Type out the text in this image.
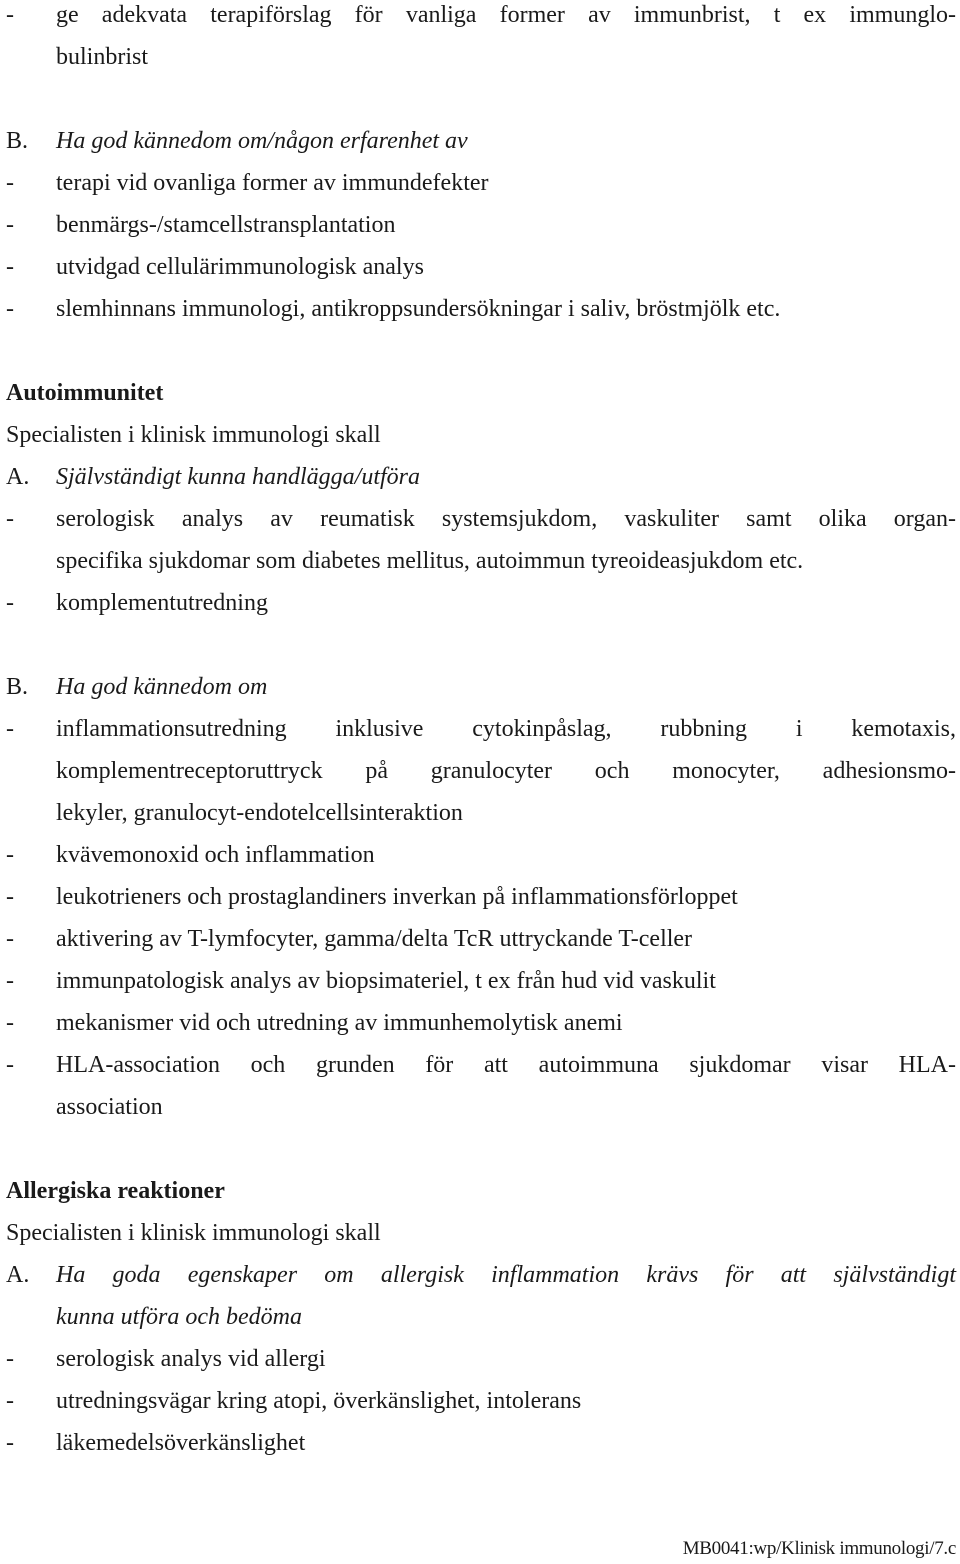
-	ge adekvata terapiförslag för vanliga former av immunbrist, t ex immunglo-
bulinbrist
B.	Ha god kännedom om/någon erfarenhet av
-	terapi vid ovanliga former av immundefekter
-	benmärgs-/stamcellstransplantation
-	utvidgad cellulärimmunologisk analys
-	slemhinnans immunologi, antikroppsundersökningar i saliv, bröstmjölk etc.
Autoimmunitet
Specialisten i klinisk immunologi skall
A.	Självständigt kunna handlägga/utföra
-	serologisk analys av reumatisk systemsjukdom, vaskuliter samt olika organ-
specifika sjukdomar som diabetes mellitus, autoimmun tyreoideasjukdom etc.
-	komplementutredning
B.	Ha god kännedom om
-	inflammationsutredning inklusive cytokinpåslag, rubbning i kemotaxis,
komplementreceptoruttryck på granulocyter och monocyter, adhesionsmo-
lekyler, granulocyt-endotelcellsinteraktion
-	kvävemonoxid och inflammation
-	leukotrieners och prostaglandiners inverkan på inflammationsförloppet
-	aktivering av T-lymfocyter, gamma/delta TcR uttryckande T-celler
-	immunpatologisk analys av biopsimateriel, t ex från hud vid vaskulit
-	mekanismer vid och utredning av immunhemolytisk anemi
-	HLA-association och grunden för att autoimmuna sjukdomar visar HLA-
association
Allergiska reaktioner
Specialisten i klinisk immunologi skall
A.	Ha goda egenskaper om allergisk inflammation krävs för att självständigt
kunna utföra och bedöma
-	serologisk analys vid allergi
-	utredningsvägar kring atopi, överkänslighet, intolerans
-	läkemedelsöverkänslighet
MB0041:wp/Klinisk immunologi/7.c
